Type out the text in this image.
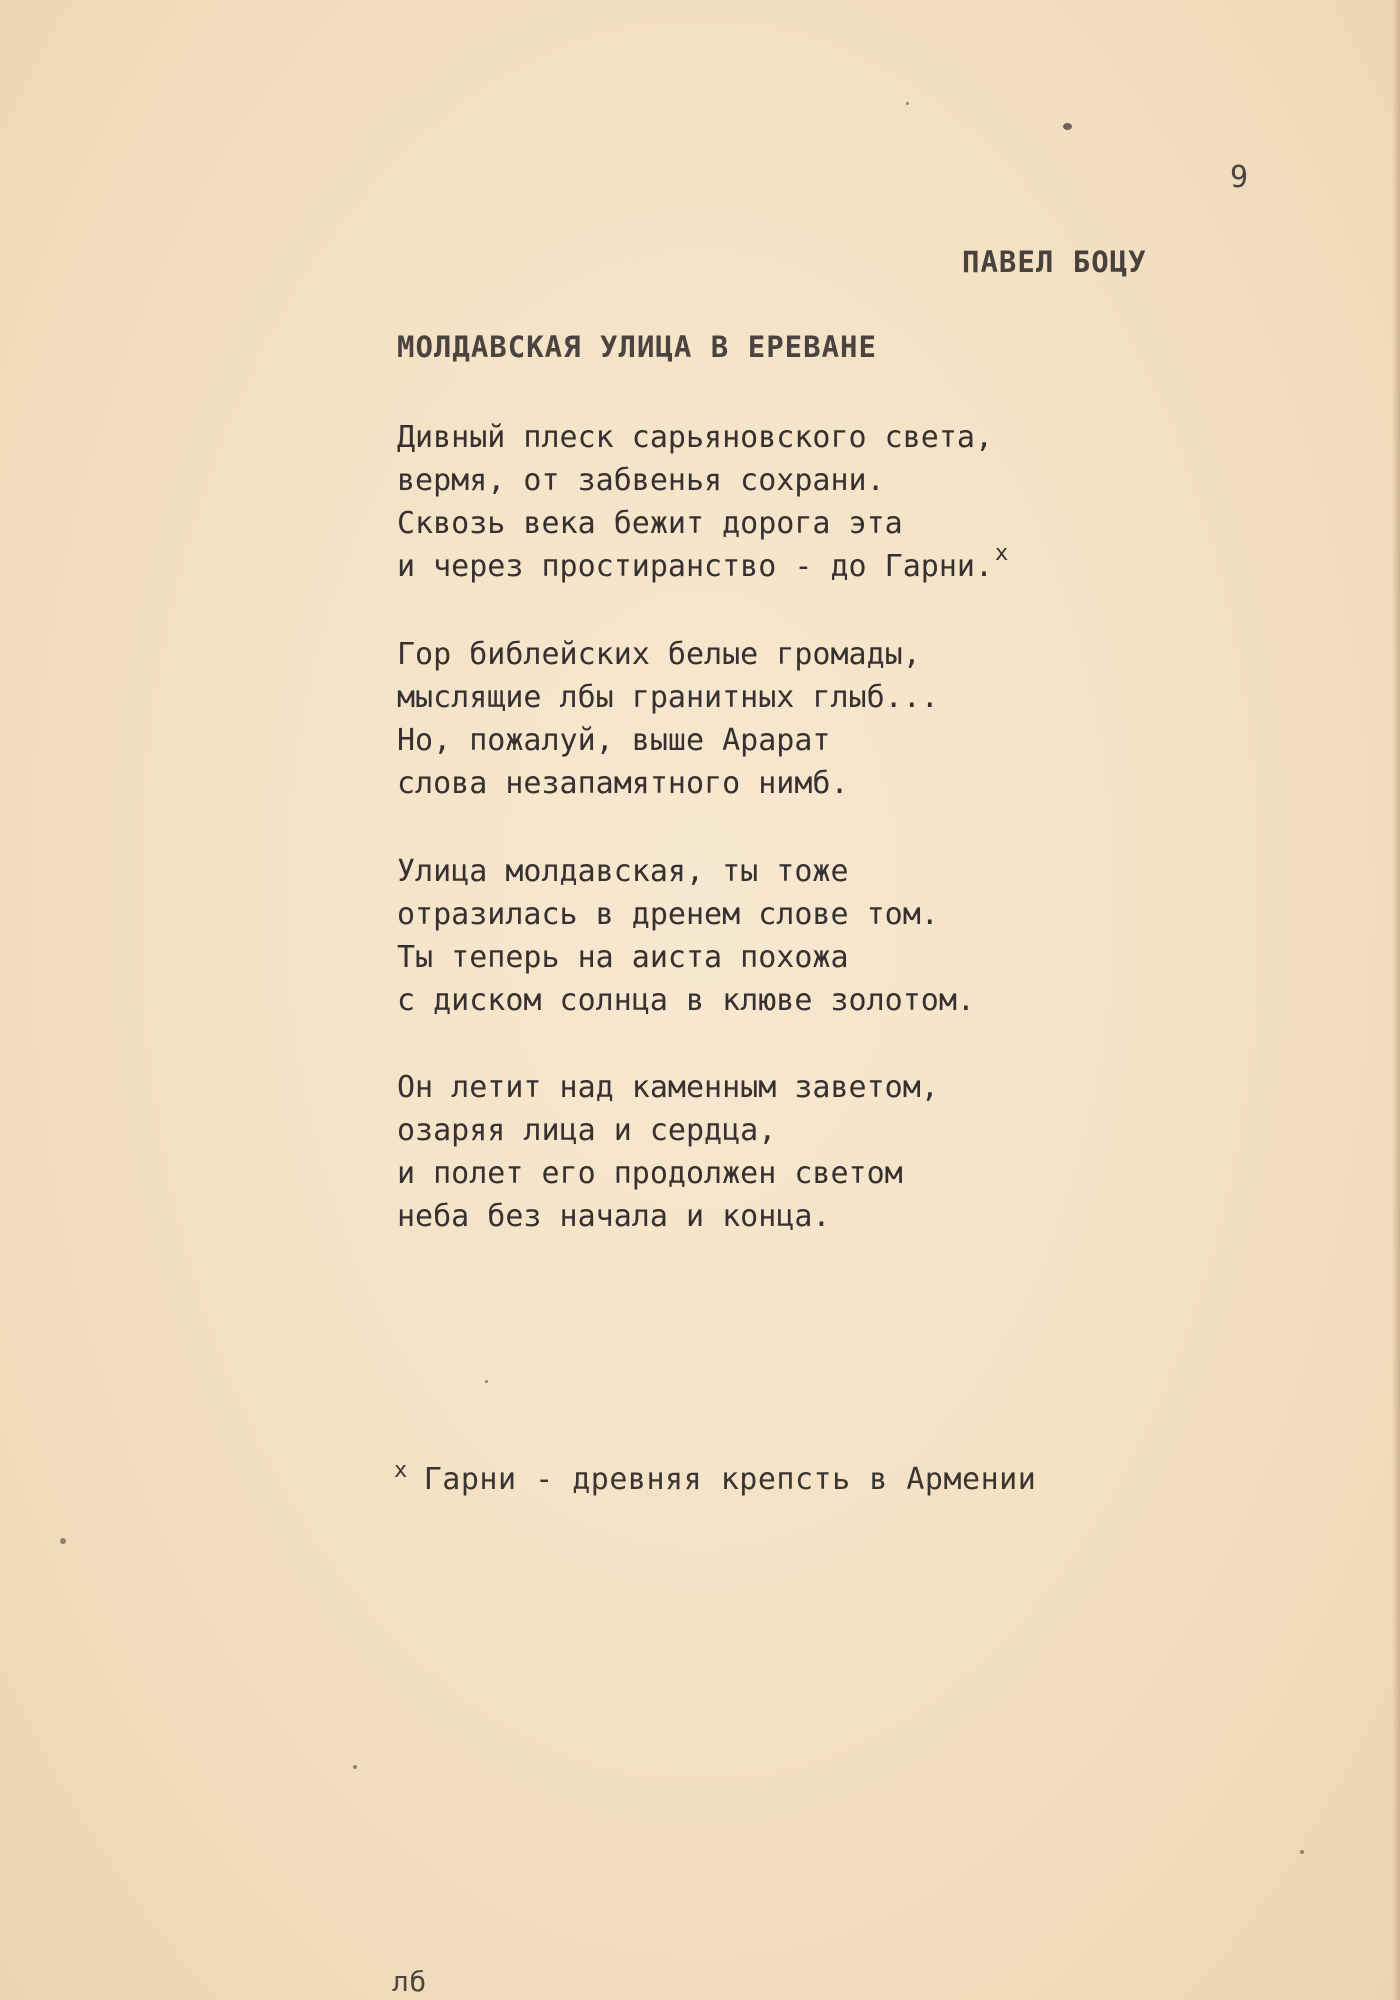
9
ПАВЕЛ БОЦУ
МОЛДАВСКАЯ УЛИЦА В ЕРЕВАНЕ
Дивный плеск сарьяновского света,
вермя, от забвенья сохрани.
Сквозь века бежит дорога эта
и через простиранство - до Гарни.$^x$
Гор библейских белые громады,
мыслящие лбы гранитных глыб...
Но, пожалуй, выше Арарат
слова незапамятного нимб.
Улица молдавская, ты тоже
отразилась в дренем слове том.
Ты теперь на аиста похожа
с диском солнца в клюве золотом.
Он летит над каменным заветом,
озаряя лица и сердца,
и полет его продолжен светом
неба без начала и конца.
$^x$ Гарни - древняя крепсть в Армении
лб
